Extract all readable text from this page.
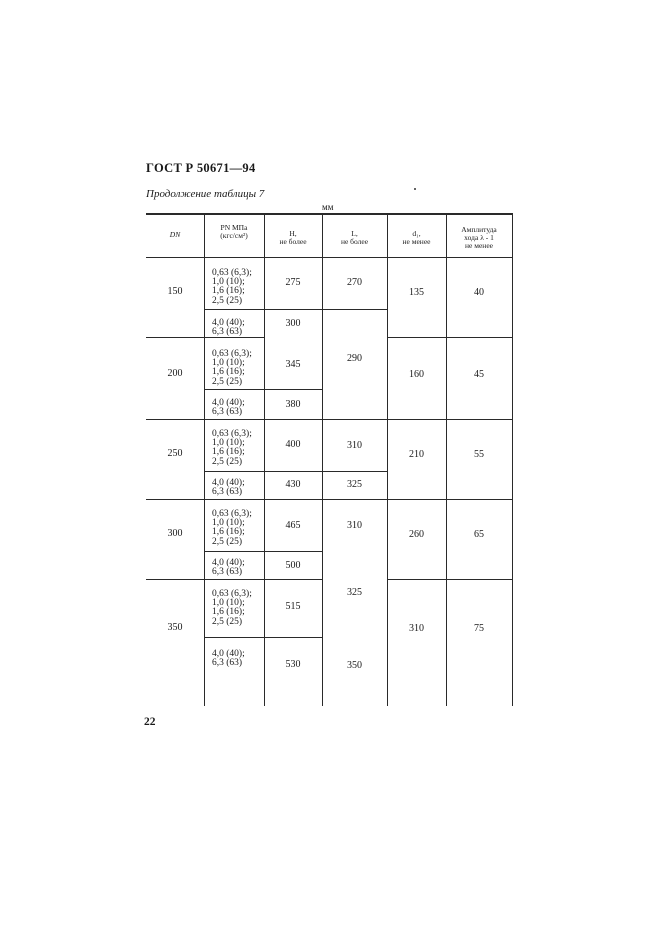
ГОСТ Р 50671—94
Продолжение таблицы 7
мм
DN
PN МПа
(кгс/см²)	H,
не более
L,
не более
d₁,
не менее
Амплитуда
хода λ - 1
не менее
150
200
250
300
350
0,63 (6,3);
1,0 (10);
1,6 (16);
2,5 (25)
4,0 (40);
6,3 (63)
0,63 (6,3);
1,0 (10);
1,6 (16);
2,5 (25)
4,0 (40);
6,3 (63)
0,63 (6,3);
1,0 (10);
1,6 (16);
2,5 (25)
4,0 (40);
6,3 (63)
0,63 (6,3);
1,0 (10);
1,6 (16);
2,5 (25)
4,0 (40);
6,3 (63)
0,63 (6,3);
1,0 (10);
1,6 (16);
2,5 (25)
4,0 (40);
6,3 (63)
275
300
345
380
400
430
465
500
515
530
270
290
310
325
310
325
350
135
160
210
260
310
40
45
55
65
75
22
